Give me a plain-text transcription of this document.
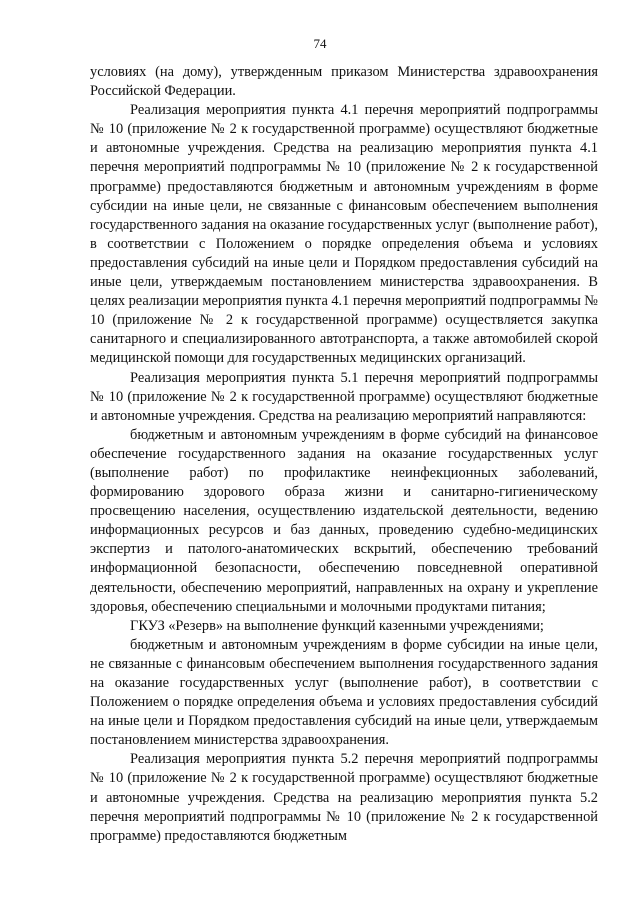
74

условиях (на дому), утвержденным приказом Министерства здравоохранения Российской Федерации.

Реализация мероприятия пункта 4.1 перечня мероприятий подпрограммы № 10 (приложение № 2 к государственной программе) осуществляют бюджетные и автономные учреждения. Средства на реализацию мероприятия пункта 4.1 перечня мероприятий подпрограммы № 10 (приложение № 2 к государственной программе) предоставляются бюджетным и автономным учреждениям в форме субсидии на иные цели, не связанные с финансовым обеспечением выполнения государственного задания на оказание государственных услуг (выполнение работ), в соответствии с Положением о порядке определения объема и условиях предоставления субсидий на иные цели и Порядком предоставления субсидий на иные цели, утверждаемым постановлением министерства здравоохранения. В целях реализации мероприятия пункта 4.1 перечня мероприятий подпрограммы № 10 (приложение № 2 к государственной программе) осуществляется закупка санитарного и специализированного автотранспорта, а также автомобилей скорой медицинской помощи для государственных медицинских организаций.

Реализация мероприятия пункта 5.1 перечня мероприятий подпрограммы № 10 (приложение № 2 к государственной программе) осуществляют бюджетные и автономные учреждения. Средства на реализацию мероприятий направляются:

бюджетным и автономным учреждениям в форме субсидий на финансовое обеспечение государственного задания на оказание государственных услуг (выполнение работ) по профилактике неинфекционных заболеваний, формированию здорового образа жизни и санитарно-гигиеническому просвещению населения, осуществлению издательской деятельности, ведению информационных ресурсов и баз данных, проведению судебно-медицинских экспертиз и патолого-анатомических вскрытий, обеспечению требований информационной безопасности, обеспечению повседневной оперативной деятельности, обеспечению мероприятий, направленных на охрану и укрепление здоровья, обеспечению специальными и молочными продуктами питания;

ГКУЗ «Резерв» на выполнение функций казенными учреждениями;

бюджетным и автономным учреждениям в форме субсидии на иные цели, не связанные с финансовым обеспечением выполнения государственного задания на оказание государственных услуг (выполнение работ), в соответствии с Положением о порядке определения объема и условиях предоставления субсидий на иные цели и Порядком предоставления субсидий на иные цели, утверждаемым постановлением министерства здравоохранения.

Реализация мероприятия пункта 5.2 перечня мероприятий подпрограммы № 10 (приложение № 2 к государственной программе) осуществляют бюджетные и автономные учреждения. Средства на реализацию мероприятия пункта 5.2 перечня мероприятий подпрограммы № 10 (приложение № 2 к государственной программе) предоставляются бюджетным
